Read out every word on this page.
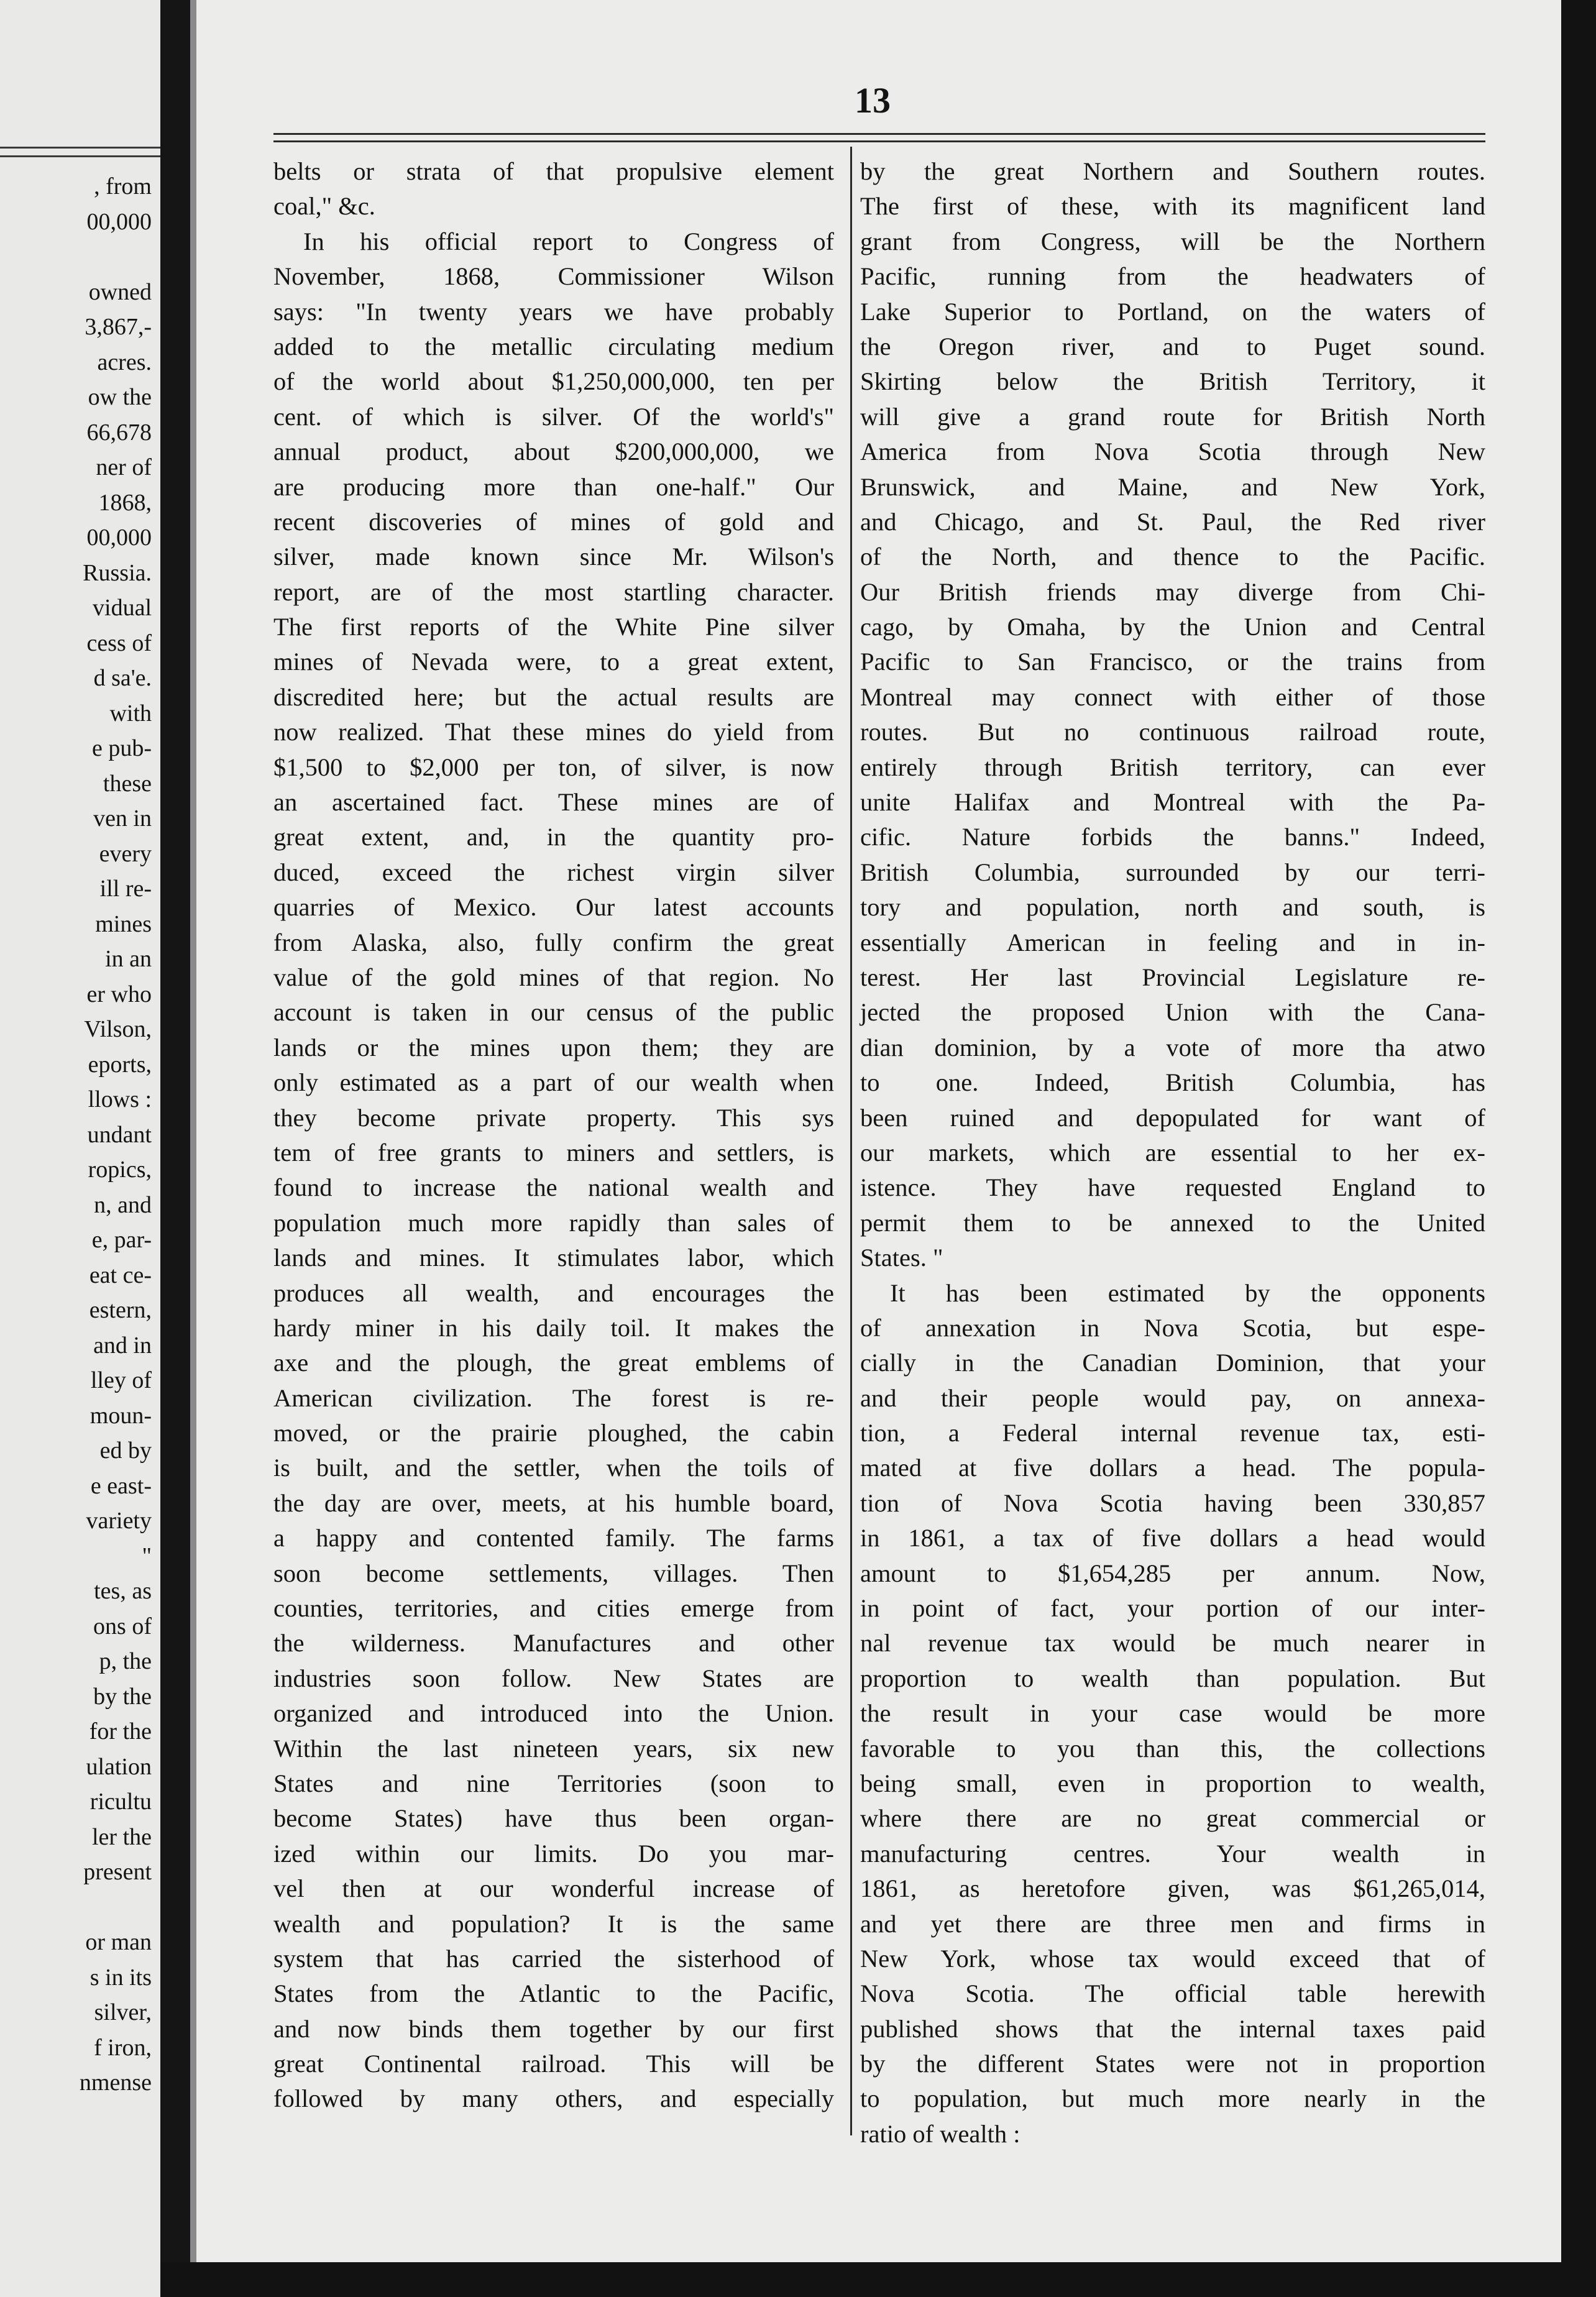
, from
00,000
owned
3,867,-
acres.
ow the
66,678
ner of
1868,
00,000
Russia.
vidual
cess of
d sa'e.
with
e pub-
these
ven in
every
ill re-
mines
in an
er who
Vilson,
eports,
llows :
undant
ropics,
n, and
e, par-
eat ce-
estern,
and in
lley of
moun-
ed by
e east-
variety
"
tes, as
ons of
p, the
by the
for the
ulation
ricultu
ler the
present
or man
s in its
silver,
f iron,
nmense
13
belts or strata of that propulsive element
coal," &c.
In his official report to Congress of
November, 1868, Commissioner Wilson
says: "In twenty years we have probably
added to the metallic circulating medium
of the world about $1,250,000,000, ten per
cent. of which is silver. Of the world's"
annual product, about $200,000,000, we
are producing more than one-half." Our
recent discoveries of mines of gold and
silver, made known since Mr. Wilson's
report, are of the most startling character.
The first reports of the White Pine silver
mines of Nevada were, to a great extent,
discredited here; but the actual results are
now realized. That these mines do yield from
$1,500 to $2,000 per ton, of silver, is now
an ascertained fact. These mines are of
great extent, and, in the quantity pro-
duced, exceed the richest virgin silver
quarries of Mexico. Our latest accounts
from Alaska, also, fully confirm the great
value of the gold mines of that region. No
account is taken in our census of the public
lands or the mines upon them; they are
only estimated as a part of our wealth when
they become private property. This sys
tem of free grants to miners and settlers, is
found to increase the national wealth and
population much more rapidly than sales of
lands and mines. It stimulates labor, which
produces all wealth, and encourages the
hardy miner in his daily toil. It makes the
axe and the plough, the great emblems of
American civilization. The forest is re-
moved, or the prairie ploughed, the cabin
is built, and the settler, when the toils of
the day are over, meets, at his humble board,
a happy and contented family. The farms
soon become settlements, villages. Then
counties, territories, and cities emerge from
the wilderness. Manufactures and other
industries soon follow. New States are
organized and introduced into the Union.
Within the last nineteen years, six new
States and nine Territories (soon to
become States) have thus been organ-
ized within our limits. Do you mar-
vel then at our wonderful increase of
wealth and population? It is the same
system that has carried the sisterhood of
States from the Atlantic to the Pacific,
and now binds them together by our first
great Continental railroad. This will be
followed by many others, and especially
by the great Northern and Southern routes.
The first of these, with its magnificent land
grant from Congress, will be the Northern
Pacific, running from the headwaters of
Lake Superior to Portland, on the waters of
the Oregon river, and to Puget sound.
Skirting below the British Territory, it
will give a grand route for British North
America from Nova Scotia through New
Brunswick, and Maine, and New York,
and Chicago, and St. Paul, the Red river
of the North, and thence to the Pacific.
Our British friends may diverge from Chi-
cago, by Omaha, by the Union and Central
Pacific to San Francisco, or the trains from
Montreal may connect with either of those
routes. But no continuous railroad route,
entirely through British territory, can ever
unite Halifax and Montreal with the Pa-
cific. Nature forbids the banns." Indeed,
British Columbia, surrounded by our terri-
tory and population, north and south, is
essentially American in feeling and in in-
terest. Her last Provincial Legislature re-
jected the proposed Union with the Cana-
dian dominion, by a vote of more tha atwo
to one. Indeed, British Columbia, has
been ruined and depopulated for want of
our markets, which are essential to her ex-
istence. They have requested England to
permit them to be annexed to the United
States. "
It has been estimated by the opponents
of annexation in Nova Scotia, but espe-
cially in the Canadian Dominion, that your
and their people would pay, on annexa-
tion, a Federal internal revenue tax, esti-
mated at five dollars a head. The popula-
tion of Nova Scotia having been 330,857
in 1861, a tax of five dollars a head would
amount to $1,654,285 per annum. Now,
in point of fact, your portion of our inter-
nal revenue tax would be much nearer in
proportion to wealth than population. But
the result in your case would be more
favorable to you than this, the collections
being small, even in proportion to wealth,
where there are no great commercial or
manufacturing centres. Your wealth in
1861, as heretofore given, was $61,265,014,
and yet there are three men and firms in
New York, whose tax would exceed that of
Nova Scotia. The official table herewith
published shows that the internal taxes paid
by the different States were not in proportion
to population, but much more nearly in the
ratio of wealth :
